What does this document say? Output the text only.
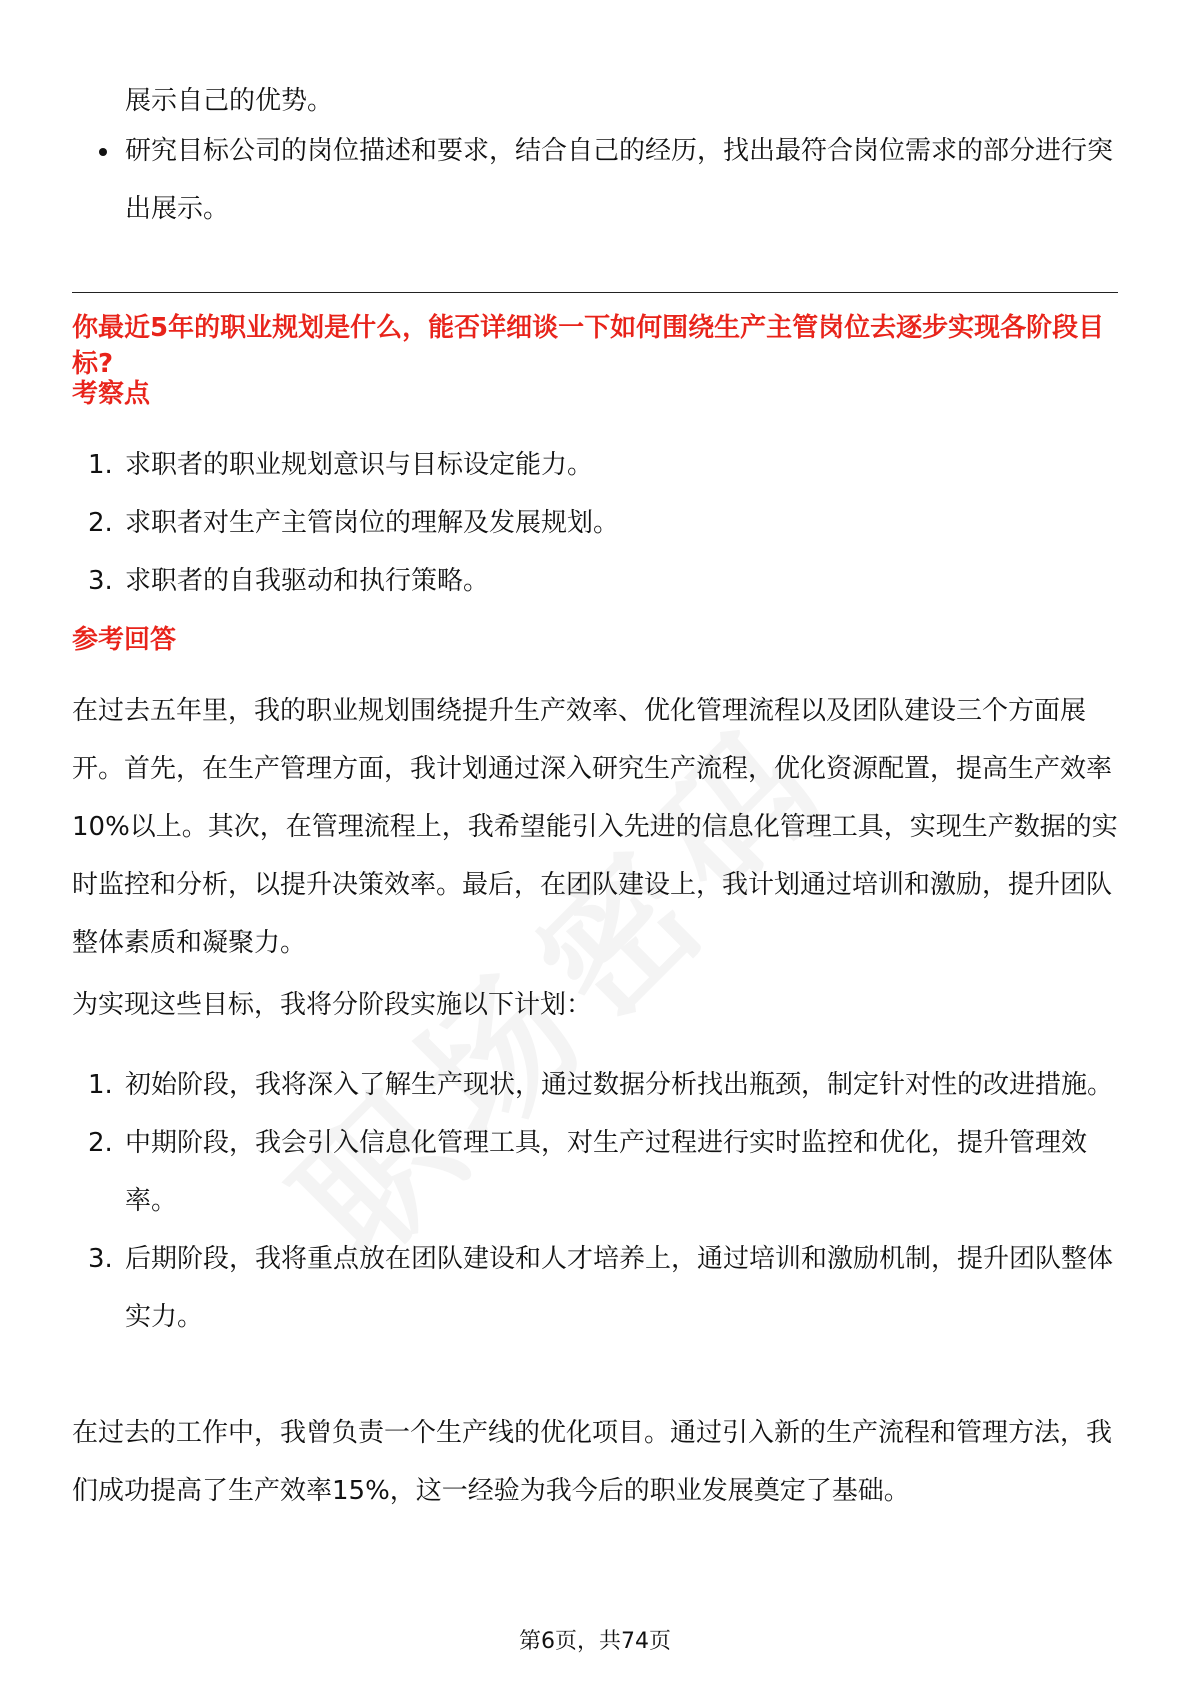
展示自己的优势。
研究目标公司的岗位描述和要求，结合自己的经历，找出最符合岗位需求的部分进行突出展示。
你最近5年的职业规划是什么，能否详细谈一下如何围绕生产主管岗位去逐步实现各阶段目标?
考察点
1. 求职者的职业规划意识与目标设定能力。
2. 求职者对生产主管岗位的理解及发展规划。
3. 求职者的自我驱动和执行策略。
参考回答

在过去五年里，我的职业规划围绕提升生产效率、优化管理流程以及团队建设三个方面展开。首先，在生产管理方面，我计划通过深入研究生产流程，优化资源配置，提高生产效率10%以上。其次，在管理流程上，我希望能引入先进的信息化管理工具，实现生产数据的实时监控和分析，以提升决策效率。最后，在团队建设上，我计划通过培训和激励，提升团队整体素质和凝聚力。

为实现这些目标，我将分阶段实施以下计划：

1. 初始阶段，我将深入了解生产现状，通过数据分析找出瓶颈，制定针对性的改进措施。
2. 中期阶段，我会引入信息化管理工具，对生产过程进行实时监控和优化，提升管理效率。
3. 后期阶段，我将重点放在团队建设和人才培养上，通过培训和激励机制，提升团队整体实力。

在过去的工作中，我曾负责一个生产线的优化项目。通过引入新的生产流程和管理方法，我们成功提高了生产效率15%，这一经验为我今后的职业发展奠定了基础。

第6页，共74页
